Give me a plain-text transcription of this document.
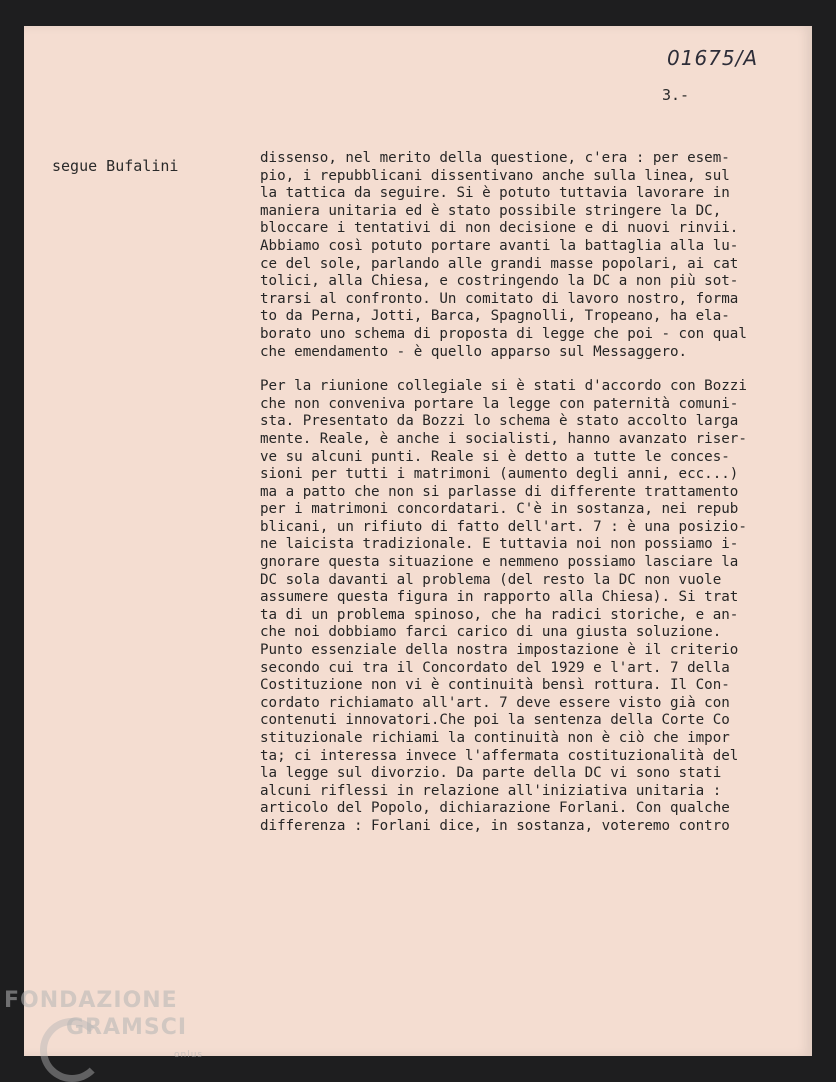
01675/A
3.-
segue Bufalini	dissenso, nel merito della questione, c'era : per esem-
pio, i repubblicani dissentivano anche sulla linea, sul
la tattica da seguire. Si è potuto tuttavia lavorare in
maniera unitaria ed è stato possibile stringere la DC,
bloccare i tentativi di non decisione e di nuovi rinvii.
Abbiamo così potuto portare avanti la battaglia alla lu-
ce del sole, parlando alle grandi masse popolari, ai cat
tolici, alla Chiesa, e costringendo la DC a non più sot-
trarsi al confronto. Un comitato di lavoro nostro, forma
to da Perna, Jotti, Barca, Spagnolli, Tropeano, ha ela-
borato uno schema di proposta di legge che poi - con qual
che emendamento - è quello apparso sul Messaggero.
Per la riunione collegiale si è stati d'accordo con Bozzi
che non conveniva portare la legge con paternità comuni-
sta. Presentato da Bozzi lo schema è stato accolto larga
mente. Reale, è anche i socialisti, hanno avanzato riser-
ve su alcuni punti. Reale si è detto a tutte le conces-
sioni per tutti i matrimoni (aumento degli anni, ecc...)
ma a patto che non si parlasse di differente trattamento
per i matrimoni concordatari. C'è in sostanza, nei repub
blicani, un rifiuto di fatto dell'art. 7 : è una posizio-
ne laicista tradizionale. E tuttavia noi non possiamo i-
gnorare questa situazione e nemmeno possiamo lasciare la
DC sola davanti al problema (del resto la DC non vuole
assumere questa figura in rapporto alla Chiesa). Si trat
ta di un problema spinoso, che ha radici storiche, e an-
che noi dobbiamo farci carico di una giusta soluzione.
Punto essenziale della nostra impostazione è il criterio
secondo cui tra il Concordato del 1929 e l'art. 7 della
Costituzione non vi è continuità bensì rottura. Il Con-
cordato richiamato all'art. 7 deve essere visto già con
contenuti innovatori.Che poi la sentenza della Corte Co
stituzionale richiami la continuità non è ciò che impor
ta; ci interessa invece l'affermata costituzionalità del
la legge sul divorzio. Da parte della DC vi sono stati
alcuni riflessi in relazione all'iniziativa unitaria :
articolo del Popolo, dichiarazione Forlani. Con qualche
differenza : Forlani dice, in sostanza, voteremo contro
FONDAZIONE
GRAMSCI
onlus
